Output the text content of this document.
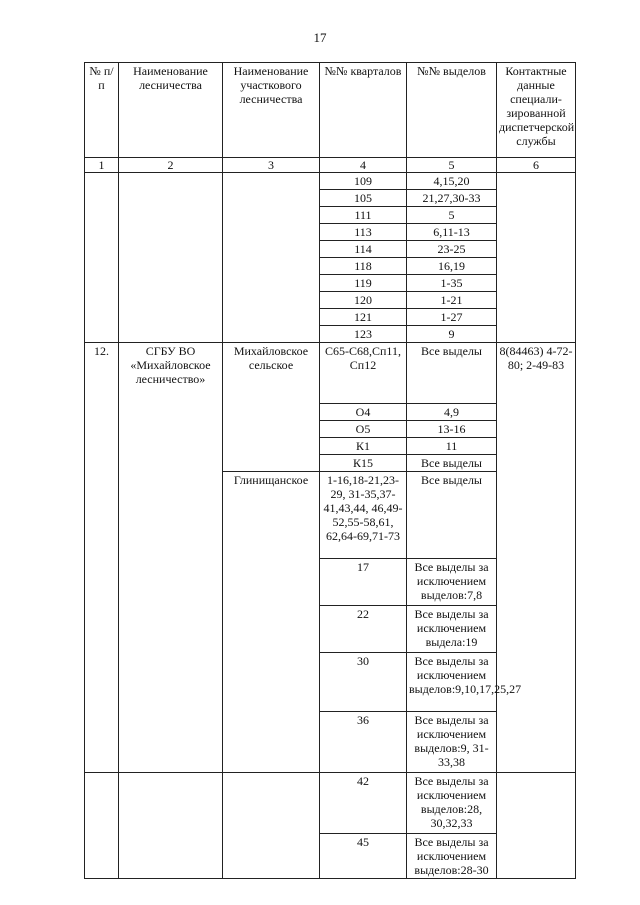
17
№ п/п	Наименование лесничества	Наименование участкового лесничества	№№ кварталов	№№ выделов	Контактные данные специали-зированной диспетчерской службы
1	2	3	4	5	6
			109	4,15,20	
			105	21,27,30-33	
			111	5	
			113	6,11-13	
			114	23-25	
			118	16,19	
			119	1-35	
			120	1-21	
			121	1-27	
			123	9	
12.	СГБУ ВО «Михайловское лесничество»	Михайловское сельское	С65-С68,Сп11, Сп12	Все выделы	8(84463) 4-72-80; 2-49-83
			О4	4,9	
			О5	13-16	
			К1	11	
			К15	Все выделы	
		Глинищанское	1-16,18-21,23-29, 31-35,37-41,43,44, 46,49-52,55-58,61, 62,64-69,71-73	Все выделы	
			17	Все выделы за исключением выделов:7,8	
			22	Все выделы за исключением выдела:19	
			30	Все выделы за исключением выделов:9,10,17,25,27	
			36	Все выделы за исключением выделов:9, 31-33,38	
			42	Все выделы за исключением выделов:28, 30,32,33	
			45	Все выделы за исключением выделов:28-30	
